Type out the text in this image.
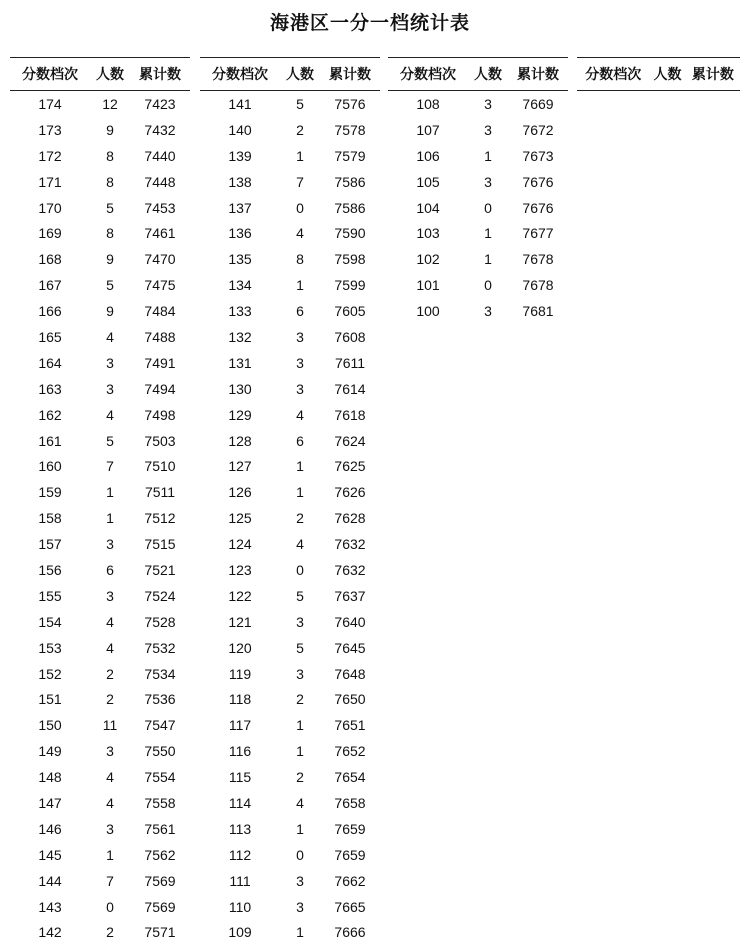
海港区一分一档统计表
分数档次	人数	累计数
174	12	7423
173	9	7432
172	8	7440
171	8	7448
170	5	7453
169	8	7461
168	9	7470
167	5	7475
166	9	7484
165	4	7488
164	3	7491
163	3	7494
162	4	7498
161	5	7503
160	7	7510
159	1	7511
158	1	7512
157	3	7515
156	6	7521
155	3	7524
154	4	7528
153	4	7532
152	2	7534
151	2	7536
150	11	7547
149	3	7550
148	4	7554
147	4	7558
146	3	7561
145	1	7562
144	7	7569
143	0	7569
142	2	7571
分数档次	人数	累计数
141	5	7576
140	2	7578
139	1	7579
138	7	7586
137	0	7586
136	4	7590
135	8	7598
134	1	7599
133	6	7605
132	3	7608
131	3	7611
130	3	7614
129	4	7618
128	6	7624
127	1	7625
126	1	7626
125	2	7628
124	4	7632
123	0	7632
122	5	7637
121	3	7640
120	5	7645
119	3	7648
118	2	7650
117	1	7651
116	1	7652
115	2	7654
114	4	7658
113	1	7659
112	0	7659
111	3	7662
110	3	7665
109	1	7666
分数档次	人数	累计数
108	3	7669
107	3	7672
106	1	7673
105	3	7676
104	0	7676
103	1	7677
102	1	7678
101	0	7678
100	3	7681
分数档次	人数	累计数
